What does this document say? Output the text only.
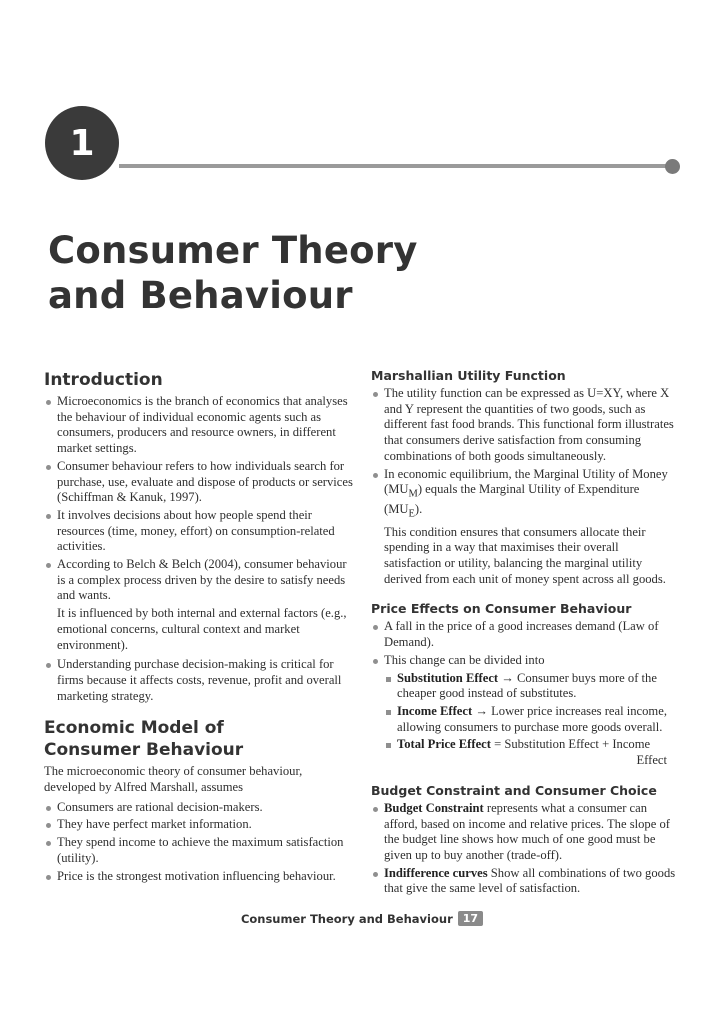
1
Consumer Theory
and Behaviour
Introduction
Microeconomics is the branch of economics that analyses the behaviour of individual economic agents such as consumers, producers and resource owners, in different market settings.
Consumer behaviour refers to how individuals search for purchase, use, evaluate and dispose of products or services (Schiffman & Kanuk, 1997).
It involves decisions about how people spend their resources (time, money, effort) on consumption-related activities.
According to Belch & Belch (2004), consumer behaviour is a complex process driven by the desire to satisfy needs and wants.

It is influenced by both internal and external factors (e.g., emotional concerns, cultural context and market environment).

Understanding purchase decision-making is critical for firms because it affects costs, revenue, profit and overall marketing strategy.
Economic Model of
Consumer Behaviour

The microeconomic theory of consumer behaviour, developed by Alfred Marshall, assumes

Consumers are rational decision-makers.
They have perfect market information.
They spend income to achieve the maximum satisfaction (utility).
Price is the strongest motivation influencing behaviour.
Marshallian Utility Function
The utility function can be expressed as U=XY, where X and Y represent the quantities of two goods, such as different fast food brands. This functional form illustrates that consumers derive satisfaction from consuming combinations of both goods simultaneously.
In economic equilibrium, the Marginal Utility of Money $(MU_M)$ equals the Marginal Utility of Expenditure $(MU_E)$.

This condition ensures that consumers allocate their spending in a way that maximises their overall satisfaction or utility, balancing the marginal utility derived from each unit of money spent across all goods.

Price Effects on Consumer Behaviour
A fall in the price of a good increases demand (Law of Demand).
This change can be divided into
Substitution Effect → Consumer buys more of the cheaper good instead of substitutes.
Income Effect → Lower price increases real income, allowing consumers to purchase more goods overall.
Total Price Effect = Substitution Effect + Income
Effect
Budget Constraint and Consumer Choice
Budget Constraint represents what a consumer can afford, based on income and relative prices. The slope of the budget line shows how much of one good must be given up to buy another (trade-off).
Indifference curves Show all combinations of two goods that give the same level of satisfaction.
Consumer Theory and Behaviour 17
